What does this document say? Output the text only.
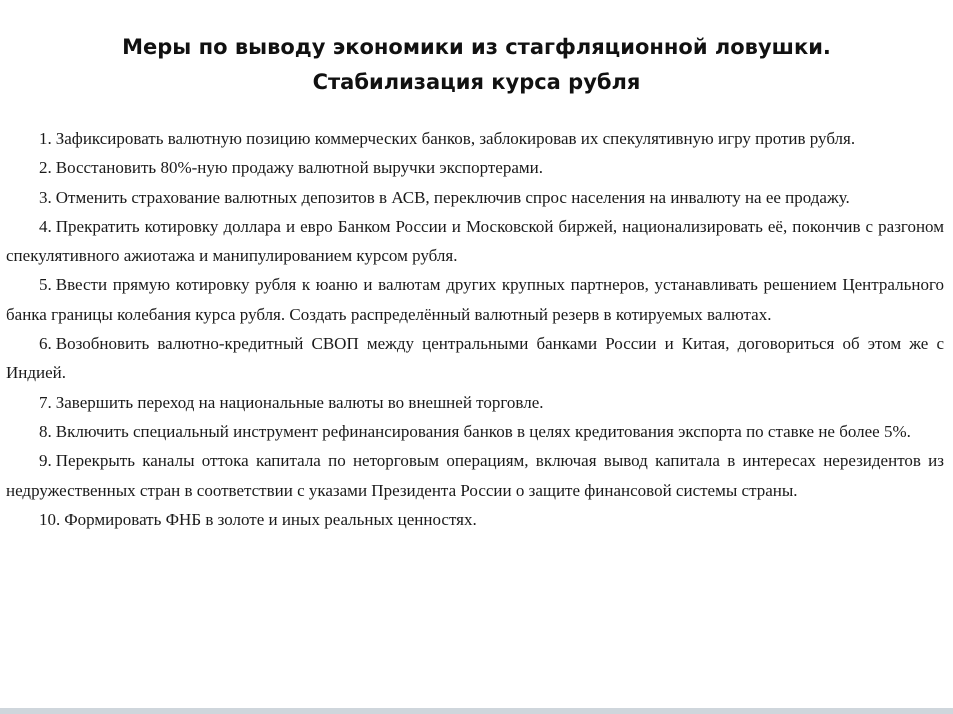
Меры по выводу экономики из стагфляционной ловушки.
Стабилизация курса рубля
1. Зафиксировать валютную позицию коммерческих банков, заблокировав их спекулятивную игру против рубля.
2. Восстановить 80%-ную продажу валютной выручки экспортерами.
3. Отменить страхование валютных депозитов в АСВ, переключив спрос населения на инвалюту на ее продажу.
4. Прекратить котировку доллара и евро Банком России и Московской биржей, национализировать её, покончив с разгоном спекулятивного ажиотажа и манипулированием курсом рубля.
5. Ввести прямую котировку рубля к юаню и валютам других крупных партнеров, устанавливать решением Центрального банка границы колебания курса рубля. Создать распределённый валютный резерв в котируемых валютах.
6. Возобновить валютно-кредитный СВОП между центральными банками России и Китая, договориться об этом же с Индией.
7. Завершить переход на национальные валюты во внешней торговле.
8. Включить специальный инструмент рефинансирования банков в целях кредитования экспорта по ставке не более 5%.
9. Перекрыть каналы оттока капитала по неторговым операциям, включая вывод капитала в интересах нерезидентов из недружественных стран в соответствии с указами Президента России о защите финансовой системы страны.
10. Формировать ФНБ в золоте и иных реальных ценностях.
